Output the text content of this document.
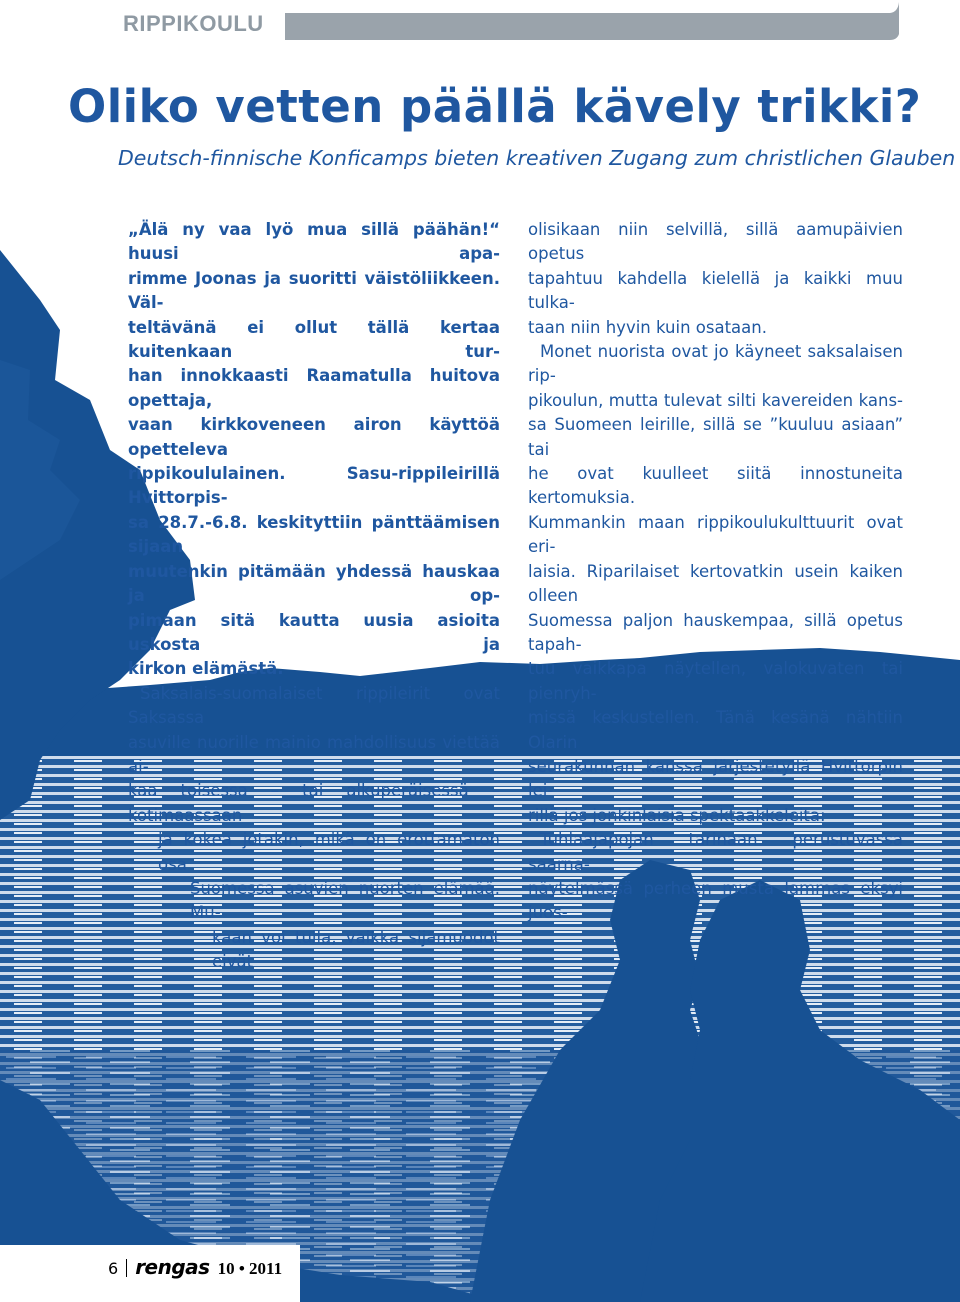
RIPPIKOULU
Oliko vetten päällä kävely trikki?
Deutsch-finnische Konficamps bieten kreativen Zugang zum christlichen Glauben
„Älä ny vaa lyö mua sillä päähän!“ huusi apa-
rimme Joonas ja suoritti väistöliikkeen. Väl-
teltävänä ei ollut tällä kertaa kuitenkaan tur-
han innokkaasti Raamatulla huitova opettaja,
vaan kirkkoveneen airon käyttöä opetteleva
rippikoululainen. Sasu-rippileirillä Hvittorpis-
sa 28.7.-6.8. keskityttiin pänttäämisen sijaan
muutenkin pitämään yhdessä hauskaa ja op-
pimaan sitä kautta uusia asioita uskosta ja
kirkon elämästä.
Saksalais-suomalaiset rippileirit ovat Saksassa
asuville nuorille mainio mahdollisuus viettää ai-
kaa toisessa – tai alkuperäisessä – kotimaassaan
ja kokea jotakin, mikä on erottamaton osa
Suomessa asuvien nuorten elämää. Mu-
kaan voi tulla, vaikka sijamuodot eivät
olisikaan niin selvillä, sillä aamupäivien opetus
tapahtuu kahdella kielellä ja kaikki muu tulka-
taan niin hyvin kuin osataan.
Monet nuorista ovat jo käyneet saksalaisen rip-
pikoulun, mutta tulevat silti kavereiden kans-
sa Suomeen leirille, sillä se ”kuuluu asiaan” tai
he ovat kuulleet siitä innostuneita kertomuksia.
Kummankin maan rippikoulukulttuurit ovat eri-
laisia. Riparilaiset kertovatkin usein kaiken olleen
Suomessa paljon hauskempaa, sillä opetus tapah-
tuu vaikkapa näytellen, valokuvaten tai pienryh-
missä keskustellen. Tänä kesänä nähtiin Olarin
seurakunnan kanssa järjestetyllä Hvittorpin lei-
rillä jos jonkinlaisia spektaakkeleita:
Tuhlaajapojan tarinaan perustuvassa saarna-
näytelmässä perheen musta lammas eksyi juos-
6 rengas 10 • 2011
